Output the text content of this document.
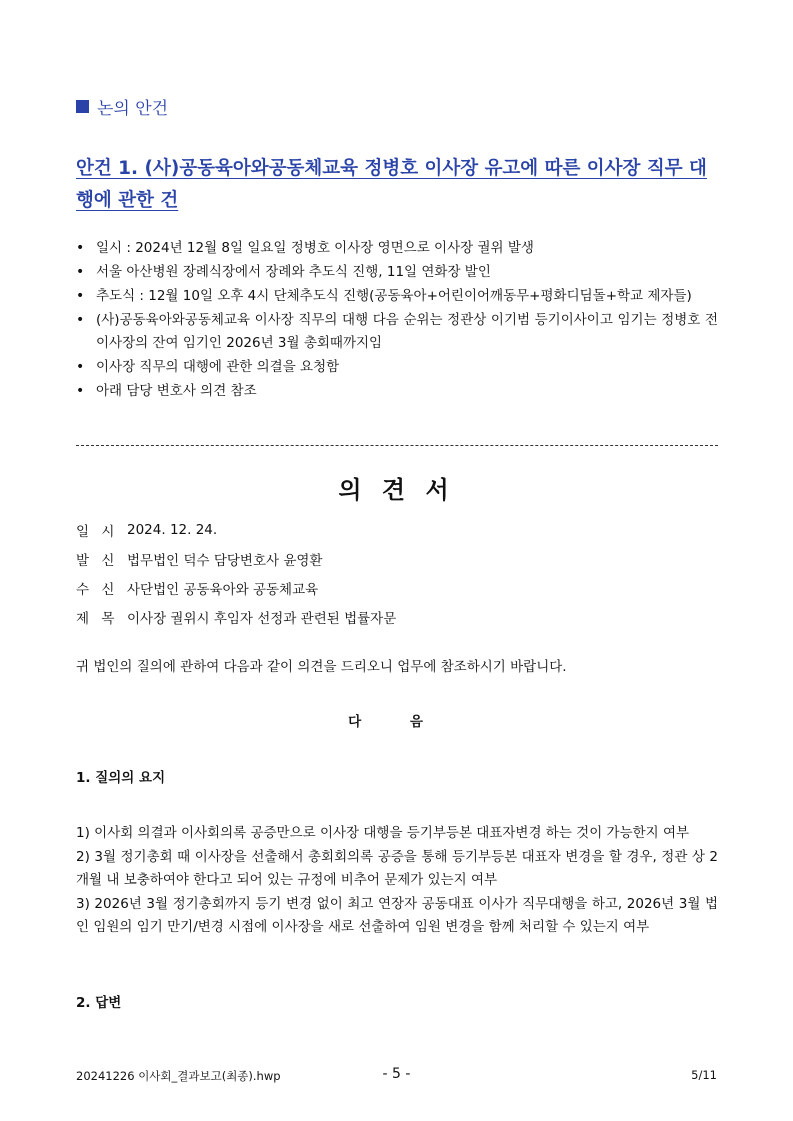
논의 안건
안건 1. (사)공동육아와공동체교육 정병호 이사장 유고에 따른 이사장 직무 대행에 관한 건
• 일시 : 2024년 12월 8일 일요일 정병호 이사장 영면으로 이사장 궐위 발생
• 서울 아산병원 장례식장에서 장례와 추도식 진행, 11일 연화장 발인
• 추도식 : 12월 10일 오후 4시 단체추도식 진행(공동육아+어린이어깨동무+평화디딤돌+학교 제자들)
• (사)공동육아와공동체교육 이사장 직무의 대행 다음 순위는 정관상 이기범 등기이사이고 임기는 정병호 전이사장의 잔여 임기인 2026년 3월 총회때까지임
• 이사장 직무의 대행에 관한 의결을 요청함
• 아래 담당 변호사 의견 참조
의 견 서
일 시 2024. 12. 24.
발 신 법무법인 덕수 담당변호사 윤영환
수 신 사단법인 공동육아와 공동체교육
제 목 이사장 궐위시 후임자 선정과 관련된 법률자문
귀 법인의 질의에 관하여 다음과 같이 의견을 드리오니 업무에 참조하시기 바랍니다.
다 음
1. 질의의 요지

1) 이사회 의결과 이사회의록 공증만으로 이사장 대행을 등기부등본 대표자변경 하는 것이 가능한지 여부

2) 3월 정기총회 때 이사장을 선출해서 총회회의록 공증을 통해 등기부등본 대표자 변경을 할 경우, 정관 상 2개월 내 보충하여야 한다고 되어 있는 규정에 비추어 문제가 있는지 여부

3) 2026년 3월 정기총회까지 등기 변경 없이 최고 연장자 공동대표 이사가 직무대행을 하고, 2026년 3월 법인 임원의 임기 만기/변경 시점에 이사장을 새로 선출하여 임원 변경을 함께 처리할 수 있는지 여부

2. 답변
20241226 이사회_결과보고(최종).hwp	- 5 -	5/11
